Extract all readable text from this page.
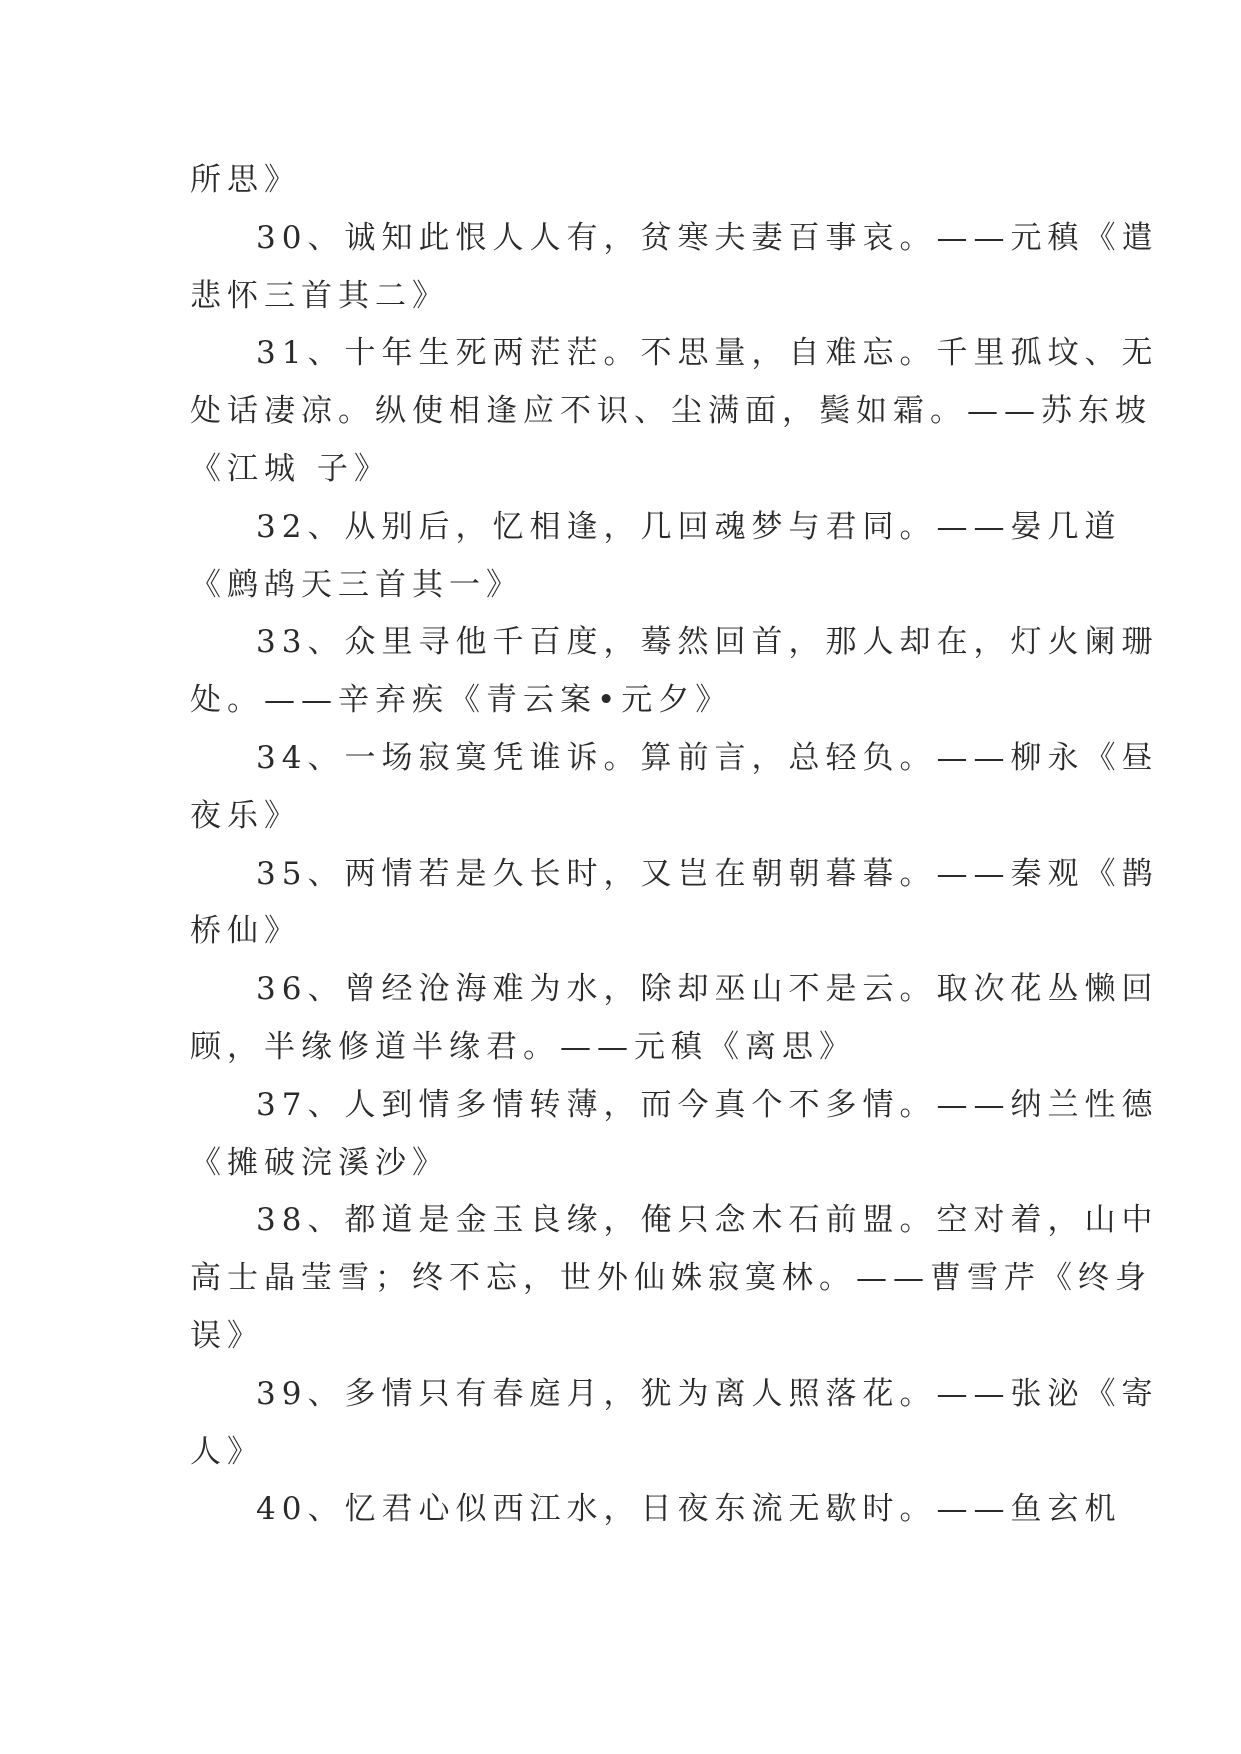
所思》
30、诚知此恨人人有，贫寒夫妻百事哀。——元稹《遣
悲怀三首其二》
31、十年生死两茫茫。不思量，自难忘。千里孤坟、无
处话凄凉。纵使相逢应不识、尘满面，鬓如霜。——苏东坡
《江城 子》
32、从别后，忆相逢，几回魂梦与君同。——晏几道
《鹧鸪天三首其一》
33、众里寻他千百度，蓦然回首，那人却在，灯火阑珊
处。——辛弃疾《青云案•元夕》
34、一场寂寞凭谁诉。算前言，总轻负。——柳永《昼
夜乐》
35、两情若是久长时，又岂在朝朝暮暮。——秦观《鹊
桥仙》
36、曾经沧海难为水，除却巫山不是云。取次花丛懒回
顾，半缘修道半缘君。——元稹《离思》
37、人到情多情转薄，而今真个不多情。——纳兰性德
《摊破浣溪沙》
38、都道是金玉良缘，俺只念木石前盟。空对着，山中
高士晶莹雪；终不忘，世外仙姝寂寞林。——曹雪芹《终身
误》
39、多情只有春庭月，犹为离人照落花。——张泌《寄
人》
40、忆君心似西江水，日夜东流无歇时。——鱼玄机
